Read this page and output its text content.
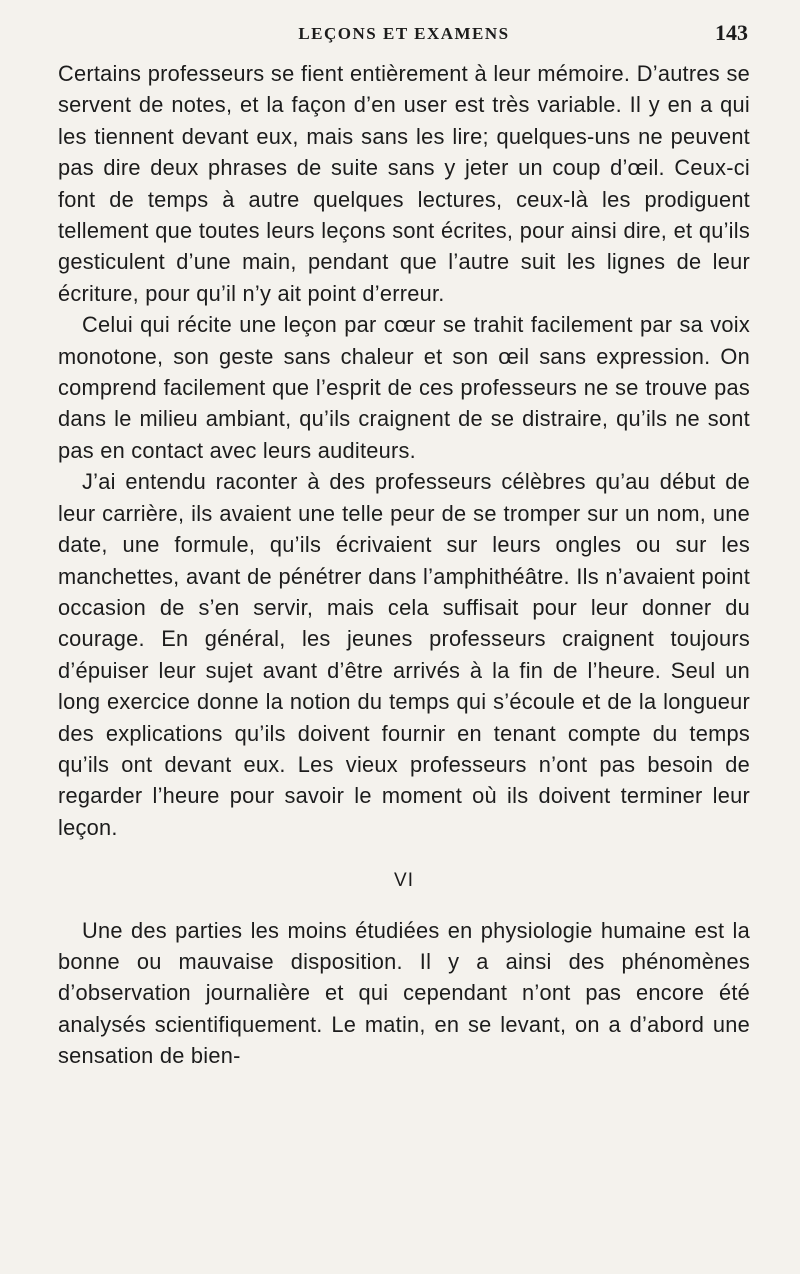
LEÇONS ET EXAMENS	143

Certains professeurs se fient entièrement à leur mémoire. D’autres se servent de notes, et la façon d’en user est très variable. Il y en a qui les tiennent devant eux, mais sans les lire; quelques-uns ne peuvent pas dire deux phrases de suite sans y jeter un coup d’œil. Ceux-ci font de temps à autre quelques lectures, ceux-là les prodiguent tellement que toutes leurs leçons sont écrites, pour ainsi dire, et qu’ils gesticulent d’une main, pendant que l’autre suit les lignes de leur écriture, pour qu’il n’y ait point d’erreur.

Celui qui récite une leçon par cœur se trahit facilement par sa voix monotone, son geste sans chaleur et son œil sans expression. On comprend facilement que l’esprit de ces professeurs ne se trouve pas dans le milieu ambiant, qu’ils craignent de se distraire, qu’ils ne sont pas en contact avec leurs auditeurs.

J’ai entendu raconter à des professeurs célèbres qu’au début de leur carrière, ils avaient une telle peur de se tromper sur un nom, une date, une formule, qu’ils écrivaient sur leurs ongles ou sur les manchettes, avant de pénétrer dans l’amphithéâtre. Ils n’avaient point occasion de s’en servir, mais cela suffisait pour leur donner du courage. En général, les jeunes professeurs craignent toujours d’épuiser leur sujet avant d’être arrivés à la fin de l’heure. Seul un long exercice donne la notion du temps qui s’écoule et de la longueur des explications qu’ils doivent fournir en tenant compte du temps qu’ils ont devant eux. Les vieux professeurs n’ont pas besoin de regarder l’heure pour savoir le moment où ils doivent terminer leur leçon.

VI

Une des parties les moins étudiées en physiologie humaine est la bonne ou mauvaise disposition. Il y a ainsi des phénomènes d’observation journalière et qui cependant n’ont pas encore été analysés scientifiquement. Le matin, en se levant, on a d’abord une sensation de bien-
